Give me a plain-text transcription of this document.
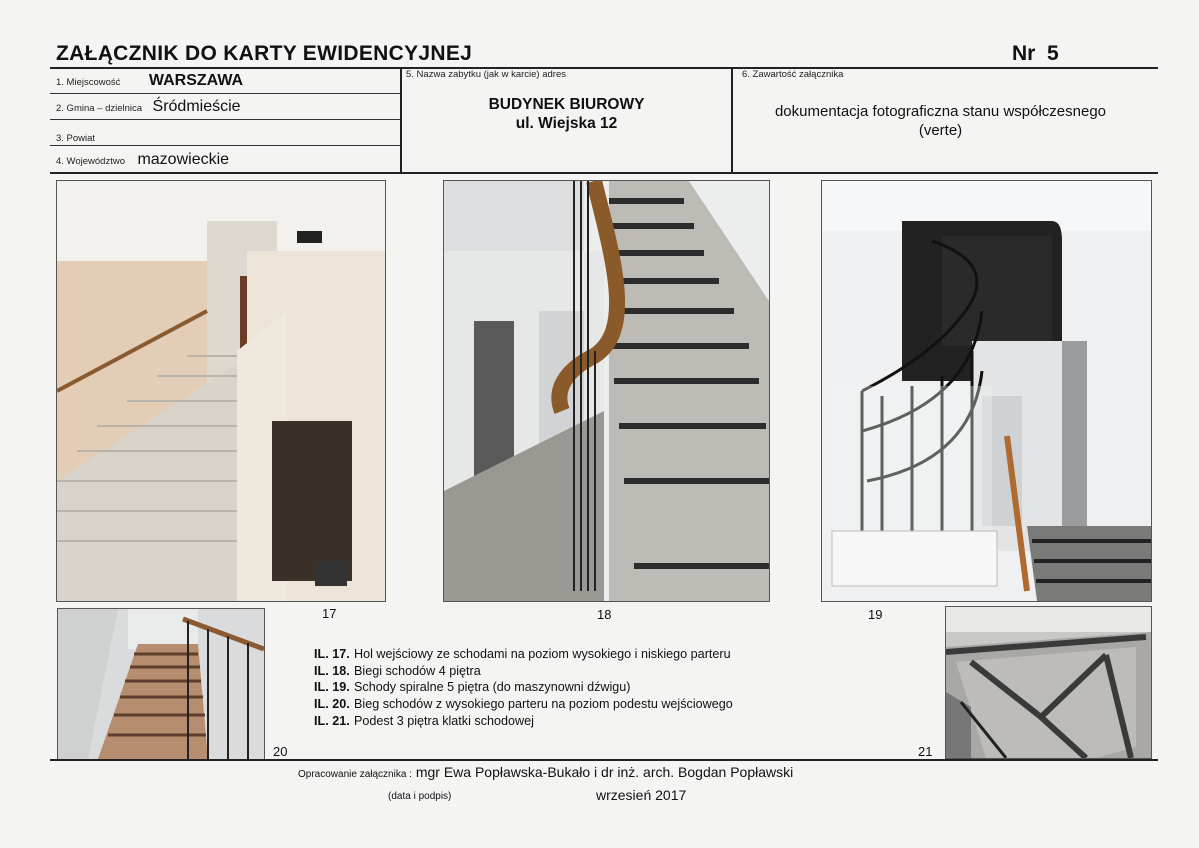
ZAŁĄCZNIK DO KARTY EWIDENCYJNEJ	Nr 5
1. Miejscowość WARSZAWA
2. Gmina – dzielnica Śródmieście
3. Powiat
4. Województwo mazowieckie
5. Nazwa zabytku (jak w karcie) adres
BUDYNEK BIUROWY
ul. Wiejska 12
6. Zawartość załącznika
dokumentacja fotograficzna stanu współczesnego
(verte)
17	18	19
20	21
IL. 17. Hol wejściowy ze schodami na poziom wysokiego i niskiego parteru
IL. 18. Biegi schodów 4 piętra
IL. 19. Schody spiralne 5 piętra (do maszynowni dźwigu)
IL. 20. Bieg schodów z wysokiego parteru na poziom podestu wejściowego
IL. 21. Podest 3 piętra klatki schodowej
Opracowanie załącznika : mgr Ewa Popławska-Bukało i dr inż. arch. Bogdan Popławski
(data i podpis)	wrzesień 2017
